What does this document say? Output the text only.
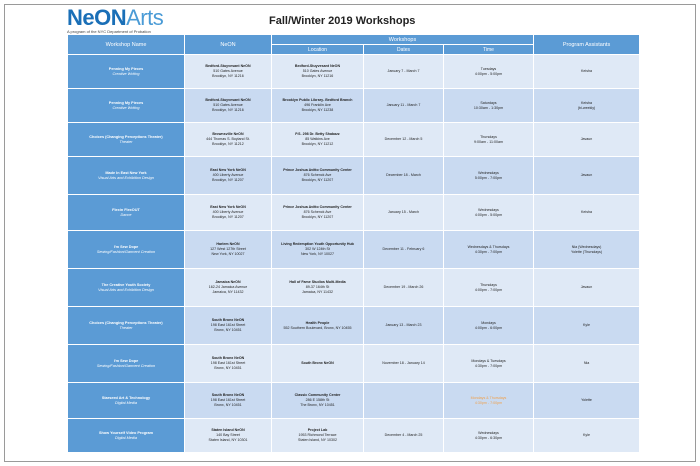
NeONArts
A program of the NYC Department of Probation
Fall/Winter 2019 Workshops
Workshop Name	NeON	Workshops			Program Assistants
		Location	Dates	Time	

Penning My Pieces
Creative Writing	Bedford-Stuyvesant NeON
510 Gates Avenue
Brooklyn, NY 11216	Bedford-Stuyvesant NeON
510 Gates Avenue
Brooklyn, NY 11216	January 7 - March 7	Tuesdays
4:00pm - 5:00pm	Keisha

Penning My Pieces
Creative Writing	Bedford-Stuyvesant NeON
510 Gates Avenue
Brooklyn, NY 11216	Brooklyn Public Library- Bedford Branch
496 Franklin Ave
Brooklyn, NY 11238	January 11 - March 7	Saturdays
10:30am - 1:30pm	Keisha
(bi-weekly)

Choices (Changing Perceptions Theater)
Theater	Brownsville NeON
444 Thomas S. Boyland St.
Brooklyn, NY 11212	P.S. 298 Dr. Betty Shabazz
85 Watkins Ave
Brooklyn, NY 11212	December 12 - March 5	Thursdays
9:00am - 11:00am	Javaun

Made In East New York
Visual Arts and Exhibition Design	East New York NeON
400 Liberty Avenue
Brooklyn, NY 11207	Prince Joshua Avitto Community Center
876 Schenck Ave
Brooklyn, NY 11207	December 18 - March	Wednesdays
5:00pm - 7:00pm	Javaun

Flexin FlexOUT
Dance	East New York NeON
400 Liberty Avenue
Brooklyn, NY 11207	Prince Joshua Avitto Community Center
876 Schenck Ave
Brooklyn, NY 11207	January 15 - March	Wednesdays
4:00pm - 5:00pm	Keisha

I'm Sew Dope
Sewing/Fashion/Garment Creation	Harlem NeON
127 West 127th Street
New York, NY 10027	Living Redemption Youth Opportunity Hub
302 W 124th St
New York, NY 10027	December 11 - February 6	Wednesdays & Thursdays
4:30pm - 7:00pm	Nia (Wednesdays)
Yolette (Thursdays)

The Creative Youth Society
Visual Arts and Exhibition Design	Jamaica NeON
162-24 Jamaica Avenue
Jamaica, NY 11432	Hall of Fame Studios Multi-Media
89-37 164th St
Jamaica, NY 11432	December 19 - March 26	Thursdays
4:00pm - 7:00pm	Javaun

Choices (Changing Perceptions Theater)
Theater	South Bronx NeON
198 East 161st Street
Bronx, NY 10451	Health People
552 Southern Boulevard, Bronx, NY 10455	January 13 - March 23	Mondays
4:00pm - 6:00pm	Kyle

I'm Sew Dope
Sewing/Fashion/Garment Creation	South Bronx NeON
198 East 161st Street
Bronx, NY 10451	South Bronx NeON	November 18 - January 14	Mondays & Tuesdays
4:30pm - 7:00pm	Nia

Starseed Art & Technology
Digital Media	South Bronx NeON
198 East 161st Street
Bronx, NY 10451	Classic Community Center
286 E 158th St
The Bronx, NY 10451		Mondays & Thursdays
4:30pm - 7:00pm	Yolette

Show Yourself Video Program
Digital Media	Staten Island NeON
140 Bay Street
Staten Island, NY 10301	Project Lab
1953 Richmond Terrace
Staten Island, NY 10302	December 4 - March 25	Wednesdays
4:30pm - 6:30pm	Kyle
